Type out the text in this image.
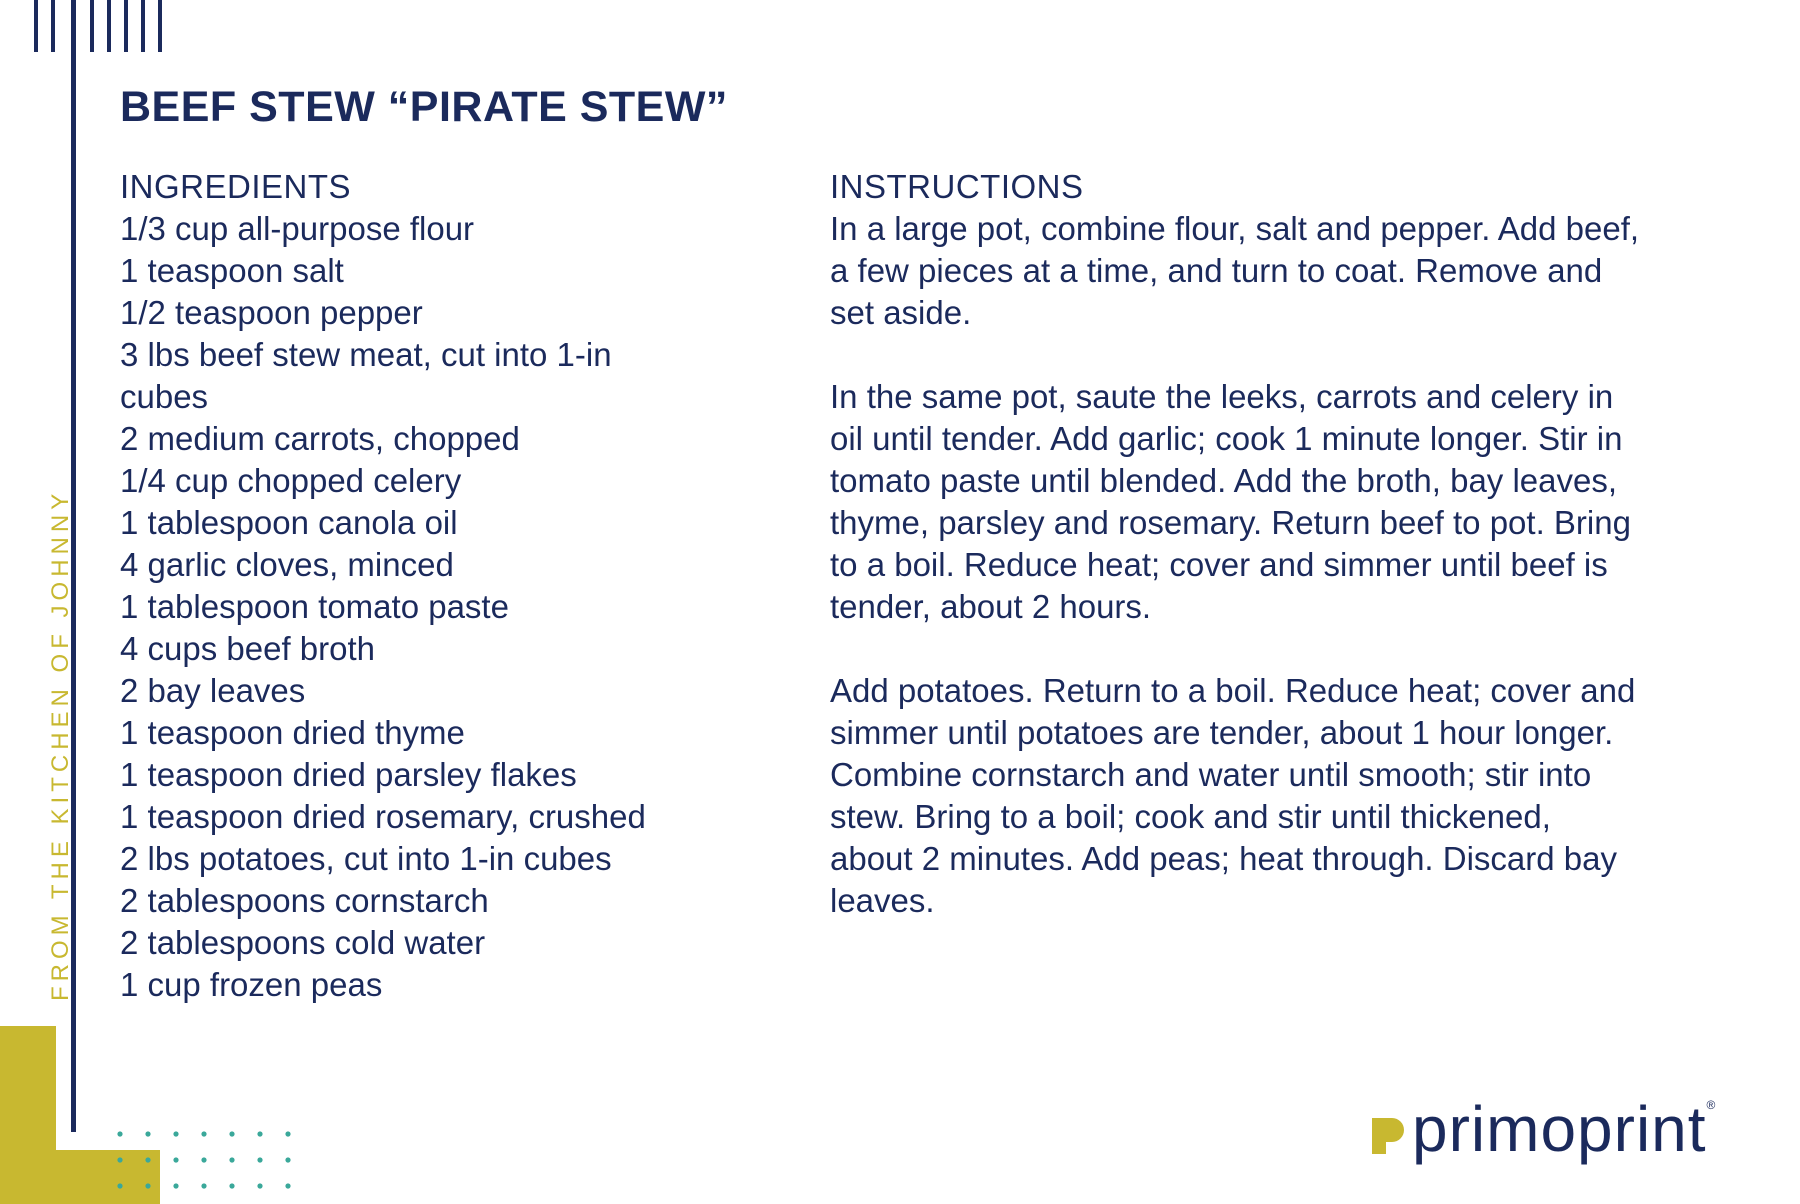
FROM THE KITCHEN OF JOHNNY
BEEF STEW “PIRATE STEW”
INGREDIENTS
1/3 cup all-purpose flour
1 teaspoon salt
1/2 teaspoon pepper
3 lbs beef stew meat, cut into 1-in
cubes
2 medium carrots, chopped
1/4 cup chopped celery
1 tablespoon canola oil
4 garlic cloves, minced
1 tablespoon tomato paste
4 cups beef broth
2 bay leaves
1 teaspoon dried thyme
1 teaspoon dried parsley flakes
1 teaspoon dried rosemary, crushed
2 lbs potatoes, cut into 1-in cubes
2 tablespoons cornstarch
2 tablespoons cold water
1 cup frozen peas
INSTRUCTIONS
In a large pot, combine flour, salt and pepper. Add beef,
a few pieces at a time, and turn to coat. Remove and
set aside.
In the same pot, saute the leeks, carrots and celery in
oil until tender. Add garlic; cook 1 minute longer. Stir in
tomato paste until blended. Add the broth, bay leaves,
thyme, parsley and rosemary. Return beef to pot. Bring
to a boil. Reduce heat; cover and simmer until beef is
tender, about 2 hours.
Add potatoes. Return to a boil. Reduce heat; cover and
simmer until potatoes are tender, about 1 hour longer.
Combine cornstarch and water until smooth; stir into
stew. Bring to a boil; cook and stir until thickened,
about 2 minutes. Add peas; heat through. Discard bay
leaves.
primoprint ®
